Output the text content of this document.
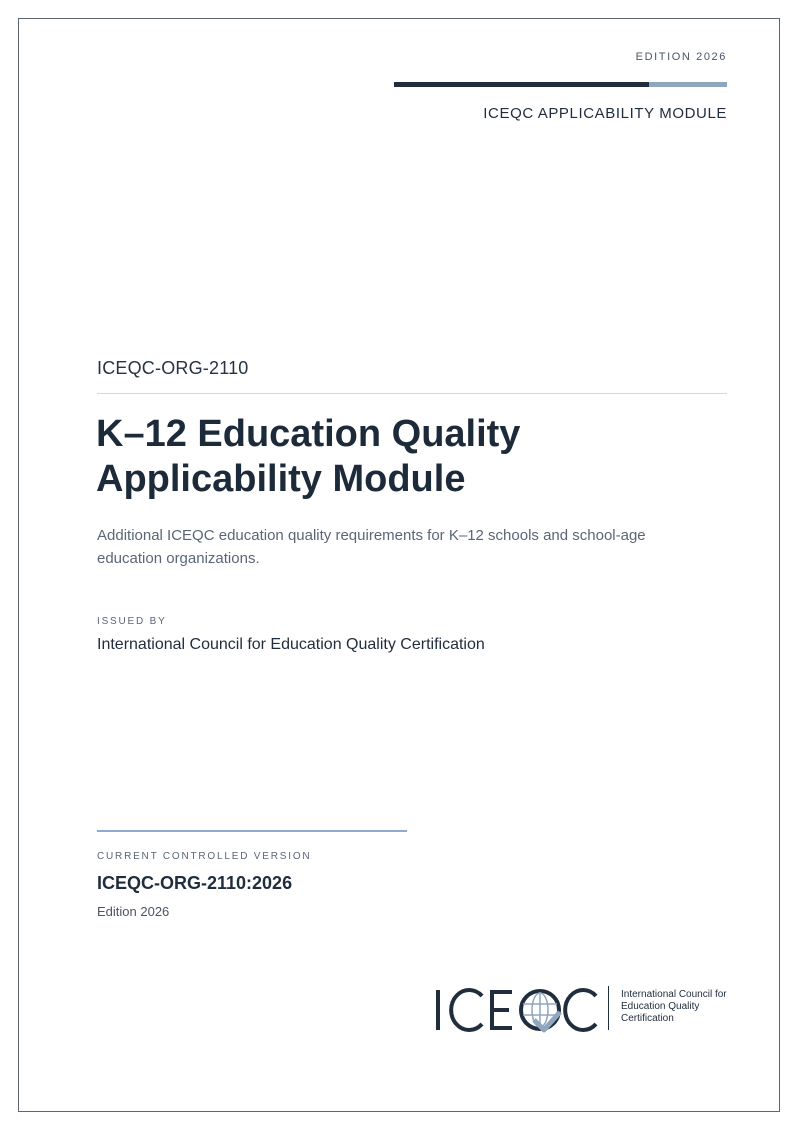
EDITION 2026
ICEQC APPLICABILITY MODULE
ICEQC-ORG-2110
K–12 Education Quality
Applicability Module

Additional ICEQC education quality requirements for K–12 schools and school-age education organizations.

ISSUED BY
International Council for Education Quality Certification
CURRENT CONTROLLED VERSION
ICEQC-ORG-2110:2026
Edition 2026
International Council for
Education Quality
Certification
